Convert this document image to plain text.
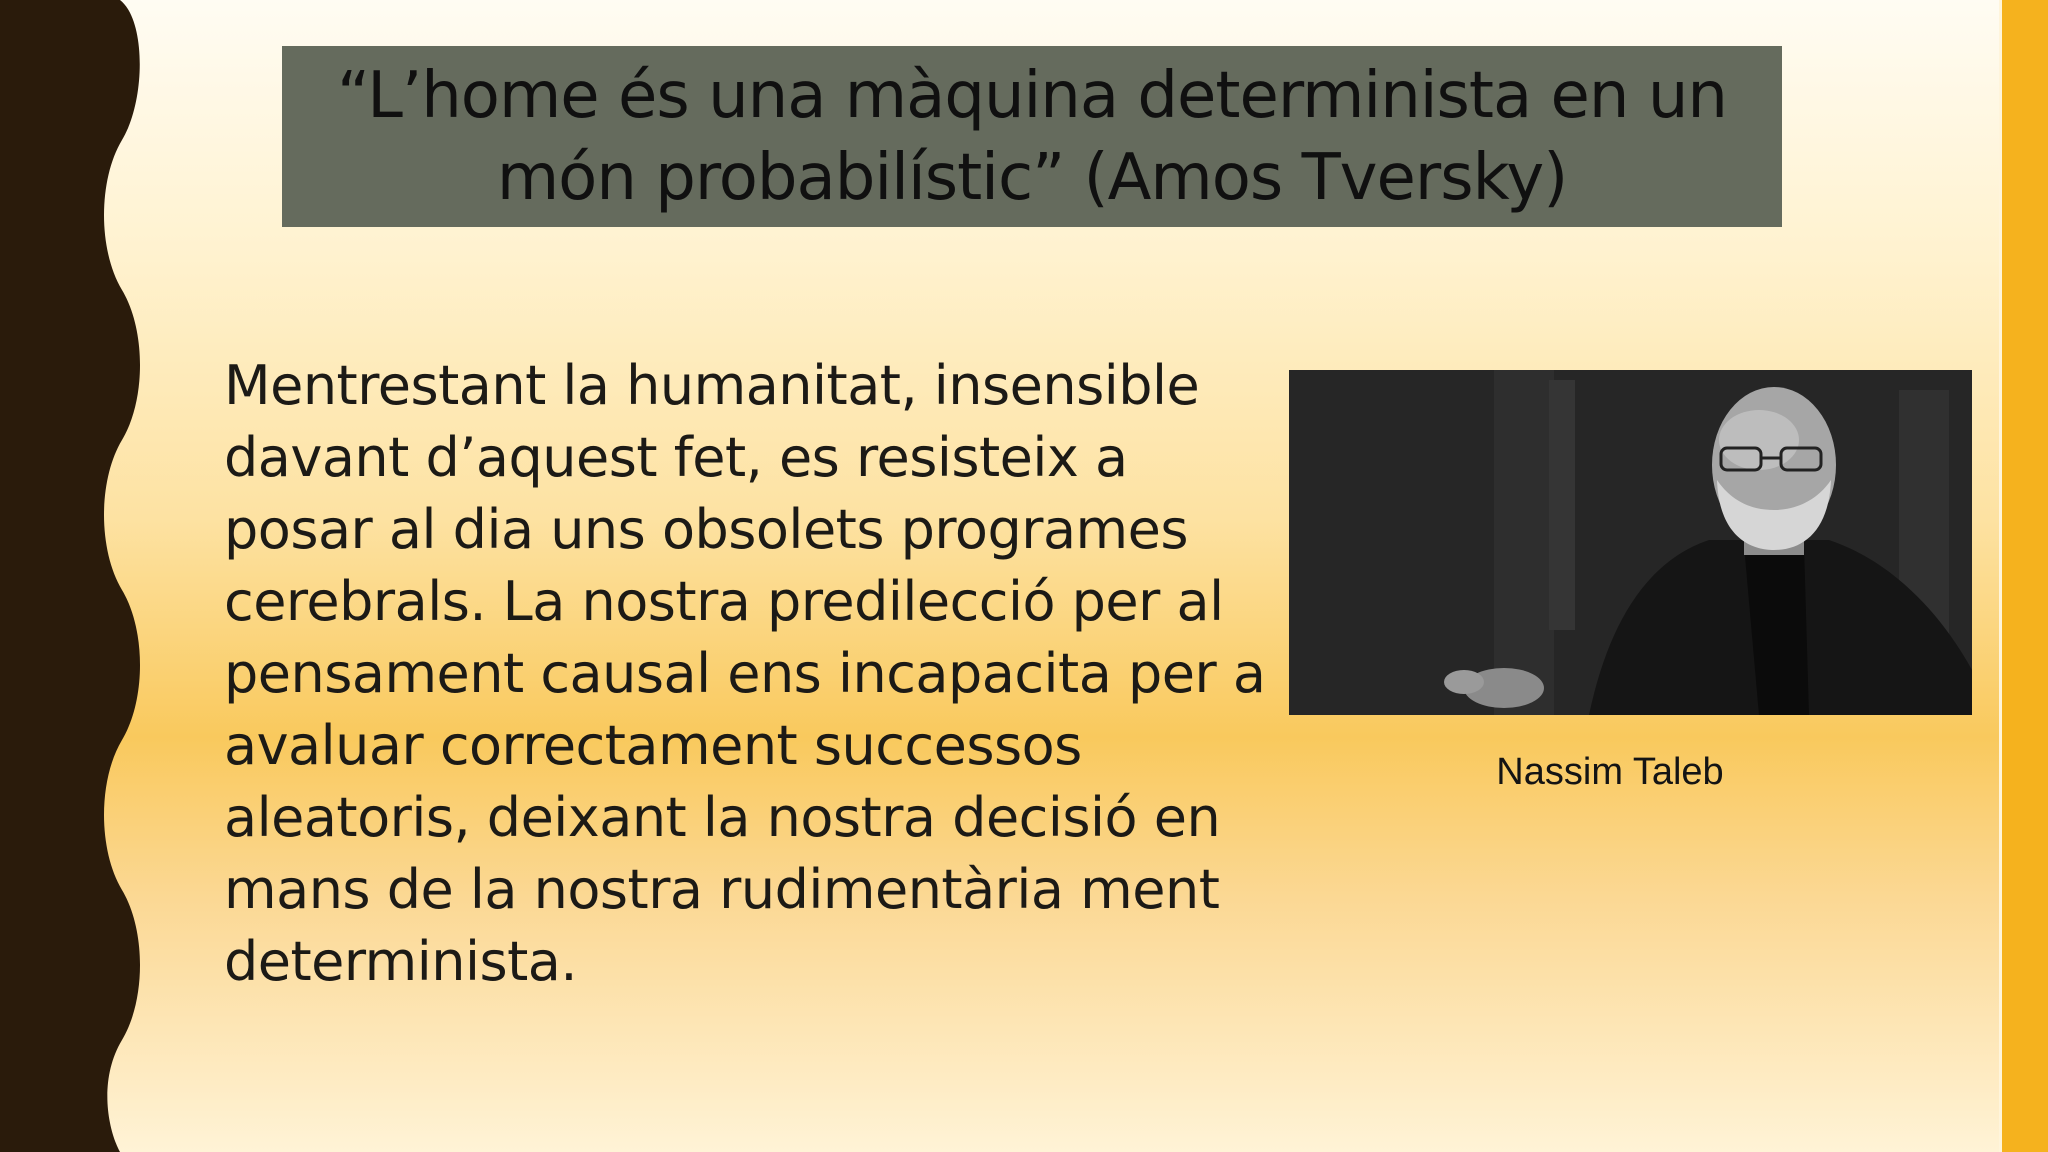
“L’home és una màquina determinista en un món probabilístic” (Amos Tversky)

Mentrestant la humanitat, insensible davant d’aquest fet, es resisteix a posar al dia uns obsolets programes cerebrals. La nostra predilecció per al pensament causal ens incapacita per a avaluar correctament successos aleatoris, deixant la nostra decisió en mans de la nostra rudimentària ment determinista.

Nassim Taleb
